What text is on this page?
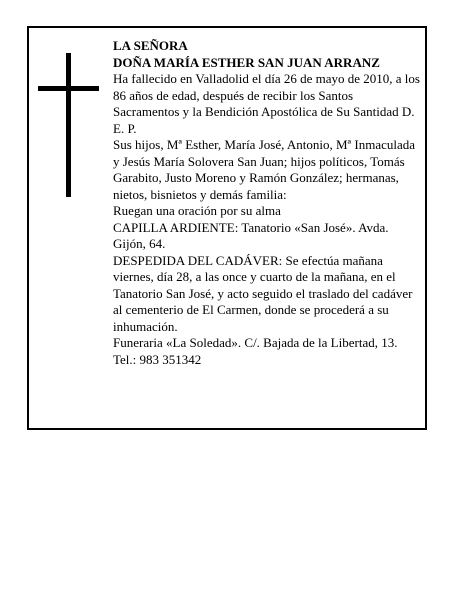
LA SEÑORA

DOÑA MARÍA ESTHER SAN JUAN ARRANZ

Ha fallecido en Valladolid el día 26 de mayo de 2010, a los 86 años de edad, después de recibir los Santos Sacramentos y la Bendición Apostólica de Su Santidad D. E. P.

Sus hijos, Mª Esther, María José, Antonio, Mª Inmaculada y Jesús María Solovera San Juan; hijos políticos, Tomás Garabito, Justo Moreno y Ramón González; hermanas, nietos, bisnietos y demás familia:

Ruegan una oración por su alma

CAPILLA ARDIENTE: Tanatorio «San José». Avda. Gijón, 64.

DESPEDIDA DEL CADÁVER: Se efectúa mañana viernes, día 28, a las once y cuarto de la mañana, en el Tanatorio San José, y acto seguido el traslado del cadáver al cementerio de El Carmen, donde se procederá a su inhumación.

Funeraria «La Soledad». C/. Bajada de la Libertad, 13. Tel.: 983 351342
